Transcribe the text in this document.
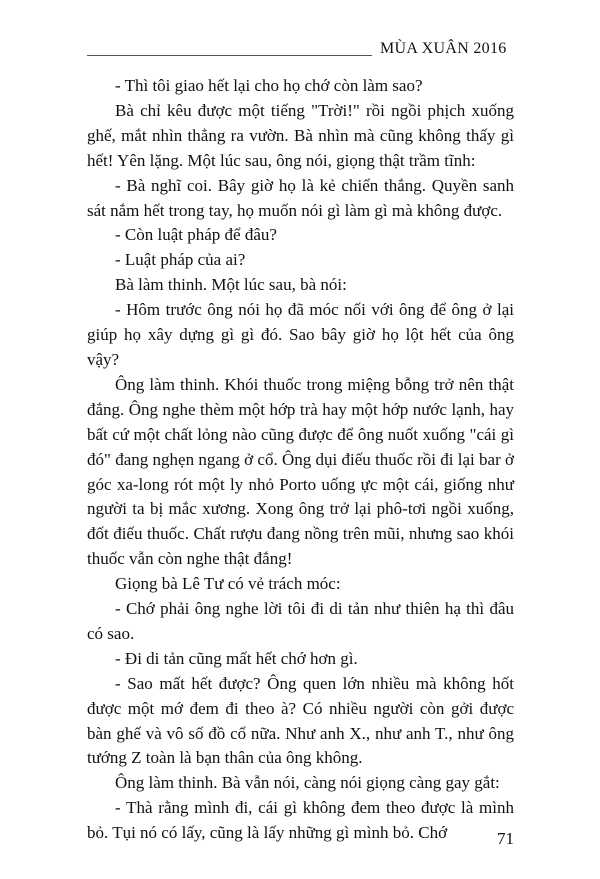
MÙA XUÂN 2016

- Thì tôi giao hết lại cho họ chớ còn làm sao?

Bà chỉ kêu được một tiếng "Trời!" rồi ngồi phịch xuống ghế, mắt nhìn thẳng ra vườn. Bà nhìn mà cũng không thấy gì hết! Yên lặng. Một lúc sau, ông nói, giọng thật trầm tĩnh:

- Bà nghĩ coi. Bây giờ họ là kẻ chiến thắng. Quyền sanh sát nắm hết trong tay, họ muốn nói gì làm gì mà không được.

- Còn luật pháp để đâu?

- Luật pháp của ai?

Bà làm thinh. Một lúc sau, bà nói:

- Hôm trước ông nói họ đã móc nối với ông để ông ở lại giúp họ xây dựng gì gì đó. Sao bây giờ họ lột hết của ông vậy?

Ông làm thinh. Khói thuốc trong miệng bỗng trở nên thật đắng. Ông nghe thèm một hớp trà hay một hớp nước lạnh, hay bất cứ một chất lỏng nào cũng được để ông nuốt xuống "cái gì đó" đang nghẹn ngang ở cổ. Ông dụi điếu thuốc rồi đi lại bar ở góc xa-long rót một ly nhỏ Porto uống ực một cái, giống như người ta bị mắc xương. Xong ông trở lại phô-tơi ngồi xuống, đốt điếu thuốc. Chất rượu đang nồng trên mũi, nhưng sao khói thuốc vẫn còn nghe thật đắng!

Giọng bà Lê Tư có vẻ trách móc:

- Chớ phải ông nghe lời tôi đi di tản như thiên hạ thì đâu có sao.

- Đi di tản cũng mất hết chớ hơn gì.

- Sao mất hết được? Ông quen lớn nhiều mà không hốt được một mớ đem đi theo à? Có nhiều người còn gởi được bàn ghế và vô số đồ cổ nữa. Như anh X., như anh T., như ông tướng Z toàn là bạn thân của ông không.

Ông làm thinh. Bà vẫn nói, càng nói giọng càng gay gắt:

- Thà rằng mình đi, cái gì không đem theo được là mình bỏ. Tụi nó có lấy, cũng là lấy những gì mình bỏ. Chớ	71
